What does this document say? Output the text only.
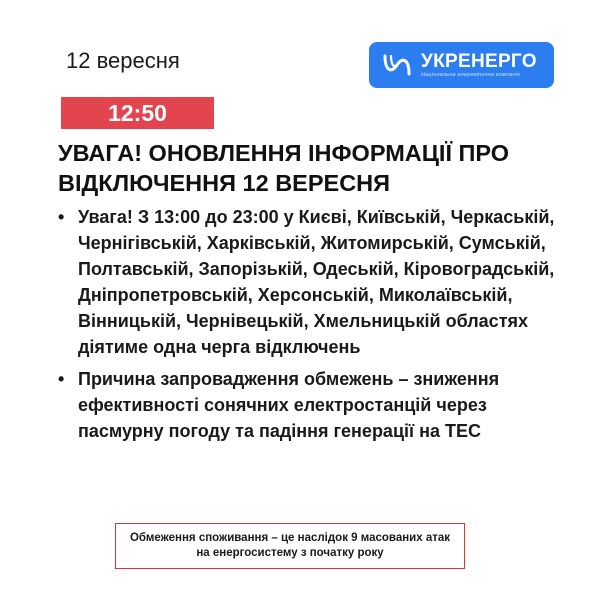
12 вересня	УКРЕНЕРГО
Національна енергетична компанія
12:50
УВАГА! ОНОВЛЕННЯ ІНФОРМАЦІЇ ПРО ВІДКЛЮЧЕННЯ 12 ВЕРЕСНЯ
• Увага! З 13:00 до 23:00 у Києві, Київській, Черкаській, Чернігівській, Харківській, Житомирській, Сумській, Полтавській, Запорізькій, Одеській, Кіровоградській, Дніпропетровській, Херсонській, Миколаївській, Вінницькій, Чернівецькій, Хмельницькій областях діятиме одна черга відключень
• Причина запровадження обмежень – зниження ефективності сонячних електростанцій через пасмурну погоду та падіння генерації на ТЕС
Обмеження споживання – це наслідок 9 масованих атак на енергосистему з початку року
